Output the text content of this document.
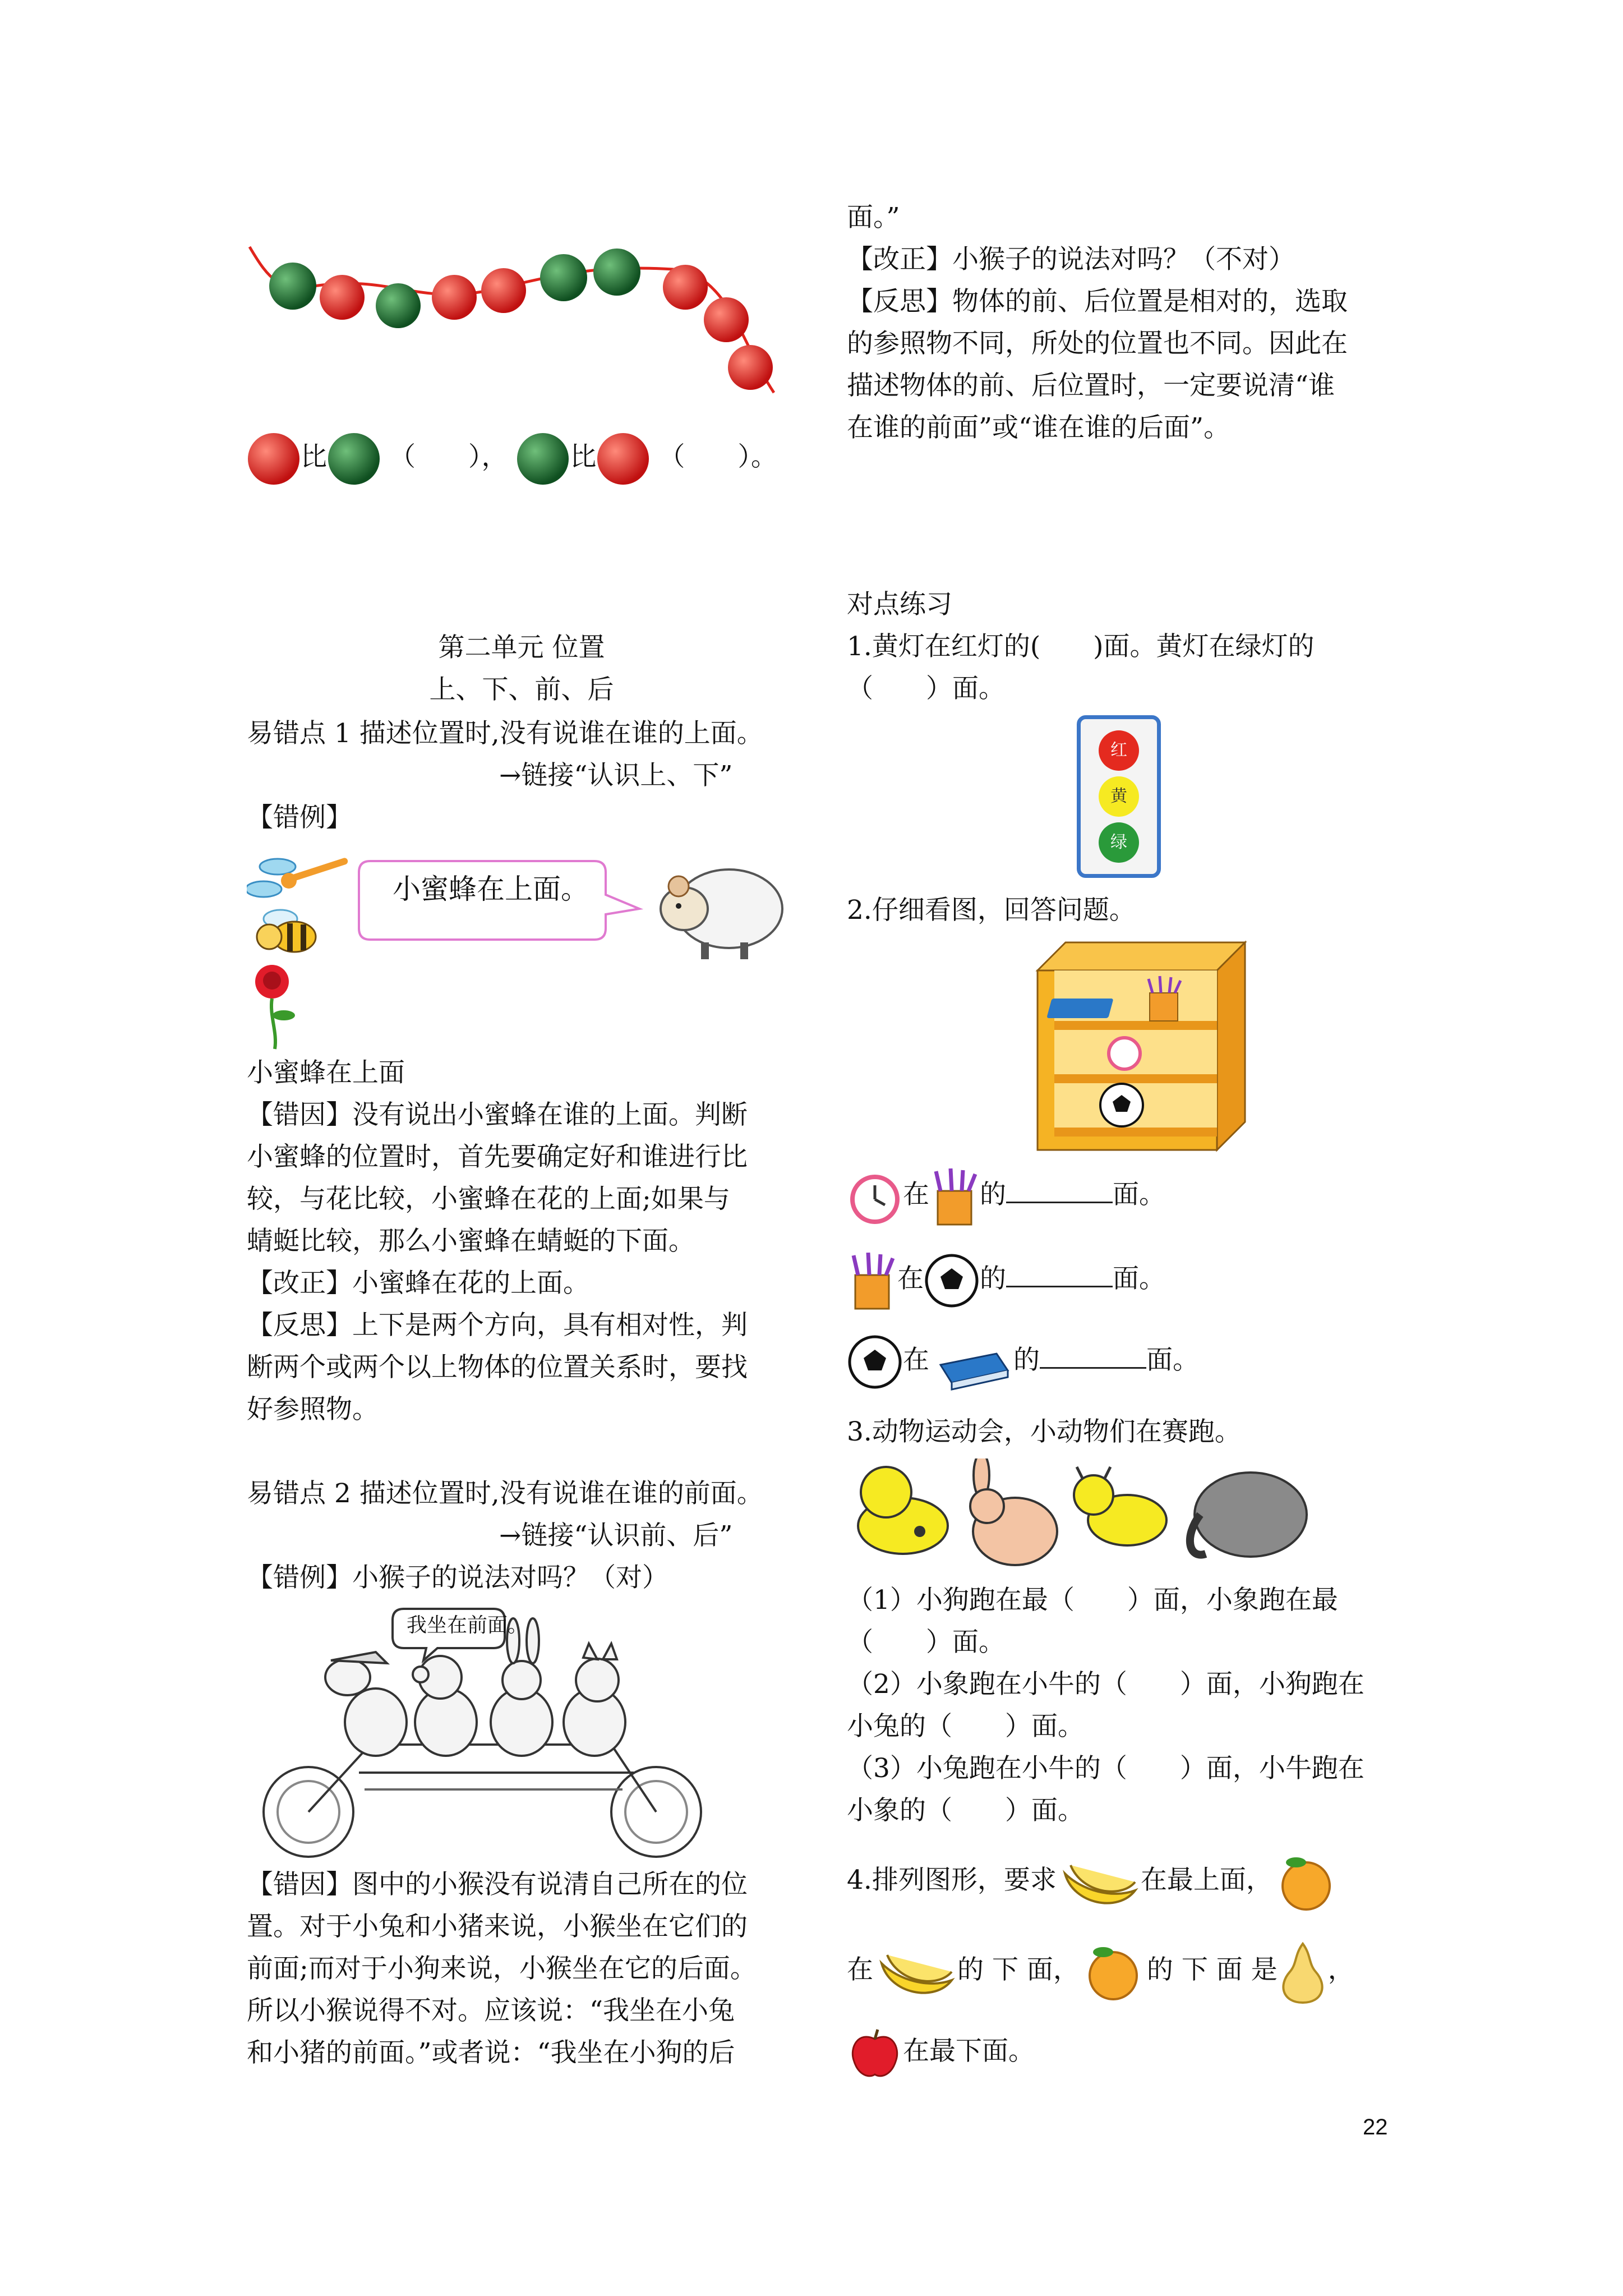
比 （　　）， 比 （　　）。
第二单元 位置
上、下、前、后
易错点 1 描述位置时,没有说谁在谁的上面。
→链接“认识上、下”
【错例】
小蜜蜂在上面。
小蜜蜂在上面
【错因】没有说出小蜜蜂在谁的上面。判断
小蜜蜂的位置时，首先要确定好和谁进行比
较，与花比较，小蜜蜂在花的上面;如果与
蜻蜓比较，那么小蜜蜂在蜻蜓的下面。
【改正】小蜜蜂在花的上面。
【反思】上下是两个方向，具有相对性，判
断两个或两个以上物体的位置关系时，要找
好参照物。
易错点 2 描述位置时,没有说谁在谁的前面。
→链接“认识前、后”
【错例】小猴子的说法对吗？（对）
我坐在前面。
【错因】图中的小猴没有说清自己所在的位
置。对于小兔和小猪来说，小猴坐在它们的
前面;而对于小狗来说，小猴坐在它的后面。
所以小猴说得不对。应该说：“我坐在小兔
和小猪的前面。”或者说：“我坐在小狗的后
面。”
【改正】小猴子的说法对吗？（不对）
【反思】物体的前、后位置是相对的，选取
的参照物不同，所处的位置也不同。因此在
描述物体的前、后位置时，一定要说清“谁
在谁的前面”或“谁在谁的后面”。
对点练习
1.黄灯在红灯的(　　)面。黄灯在绿灯的
（　　）面。
红
黄
绿
2.仔细看图，回答问题。
在 的	面。
在 的	面。
在	的	面。
3.动物运动会，小动物们在赛跑。
（1）小狗跑在最（　　）面，小象跑在最
（　　）面。
（2）小象跑在小牛的（　　）面，小狗跑在
小兔的（　　）面。
（3）小兔跑在小牛的（　　）面，小牛跑在
小象的（　　）面。
4.排列图形，要求	在最上面，
在	的 下 面，	的 下 面 是 ，
在最下面。
22
